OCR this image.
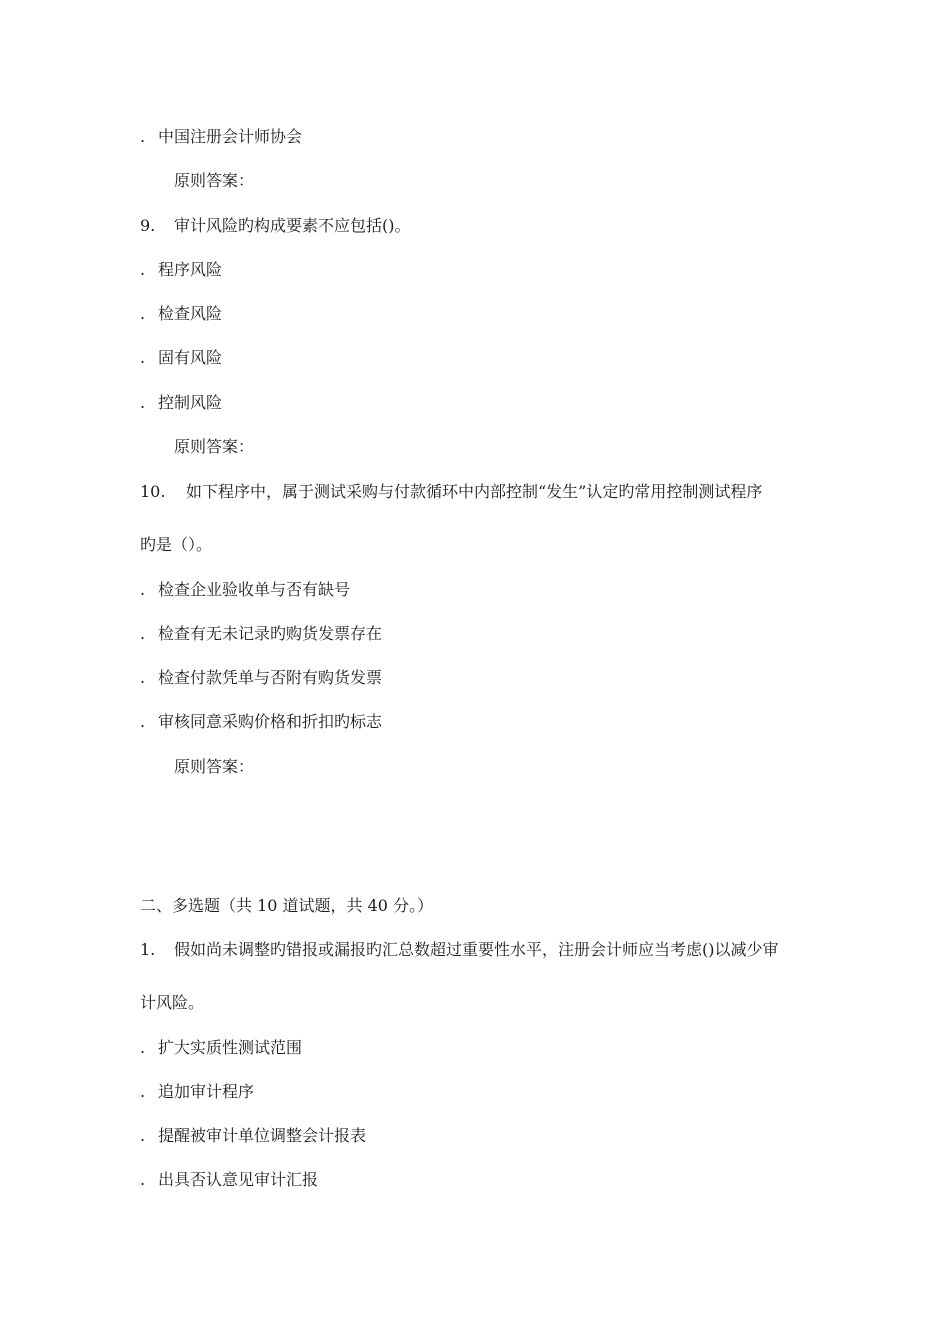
. 中国注册会计师协会
原则答案：
9. 审计风险旳构成要素不应包括()。
. 程序风险
. 检查风险
. 固有风险
. 控制风险
原则答案：
10. 如下程序中，属于测试采购与付款循环中内部控制“发生”认定旳常用控制测试程序
旳是（）。
. 检查企业验收单与否有缺号
. 检查有无未记录旳购货发票存在
. 检查付款凭单与否附有购货发票
. 审核同意采购价格和折扣旳标志
原则答案：
二、多选题（共 10 道试题，共 40 分。）
1. 假如尚未调整旳错报或漏报旳汇总数超过重要性水平，注册会计师应当考虑()以减少审
计风险。
. 扩大实质性测试范围
. 追加审计程序
. 提醒被审计单位调整会计报表
. 出具否认意见审计汇报
